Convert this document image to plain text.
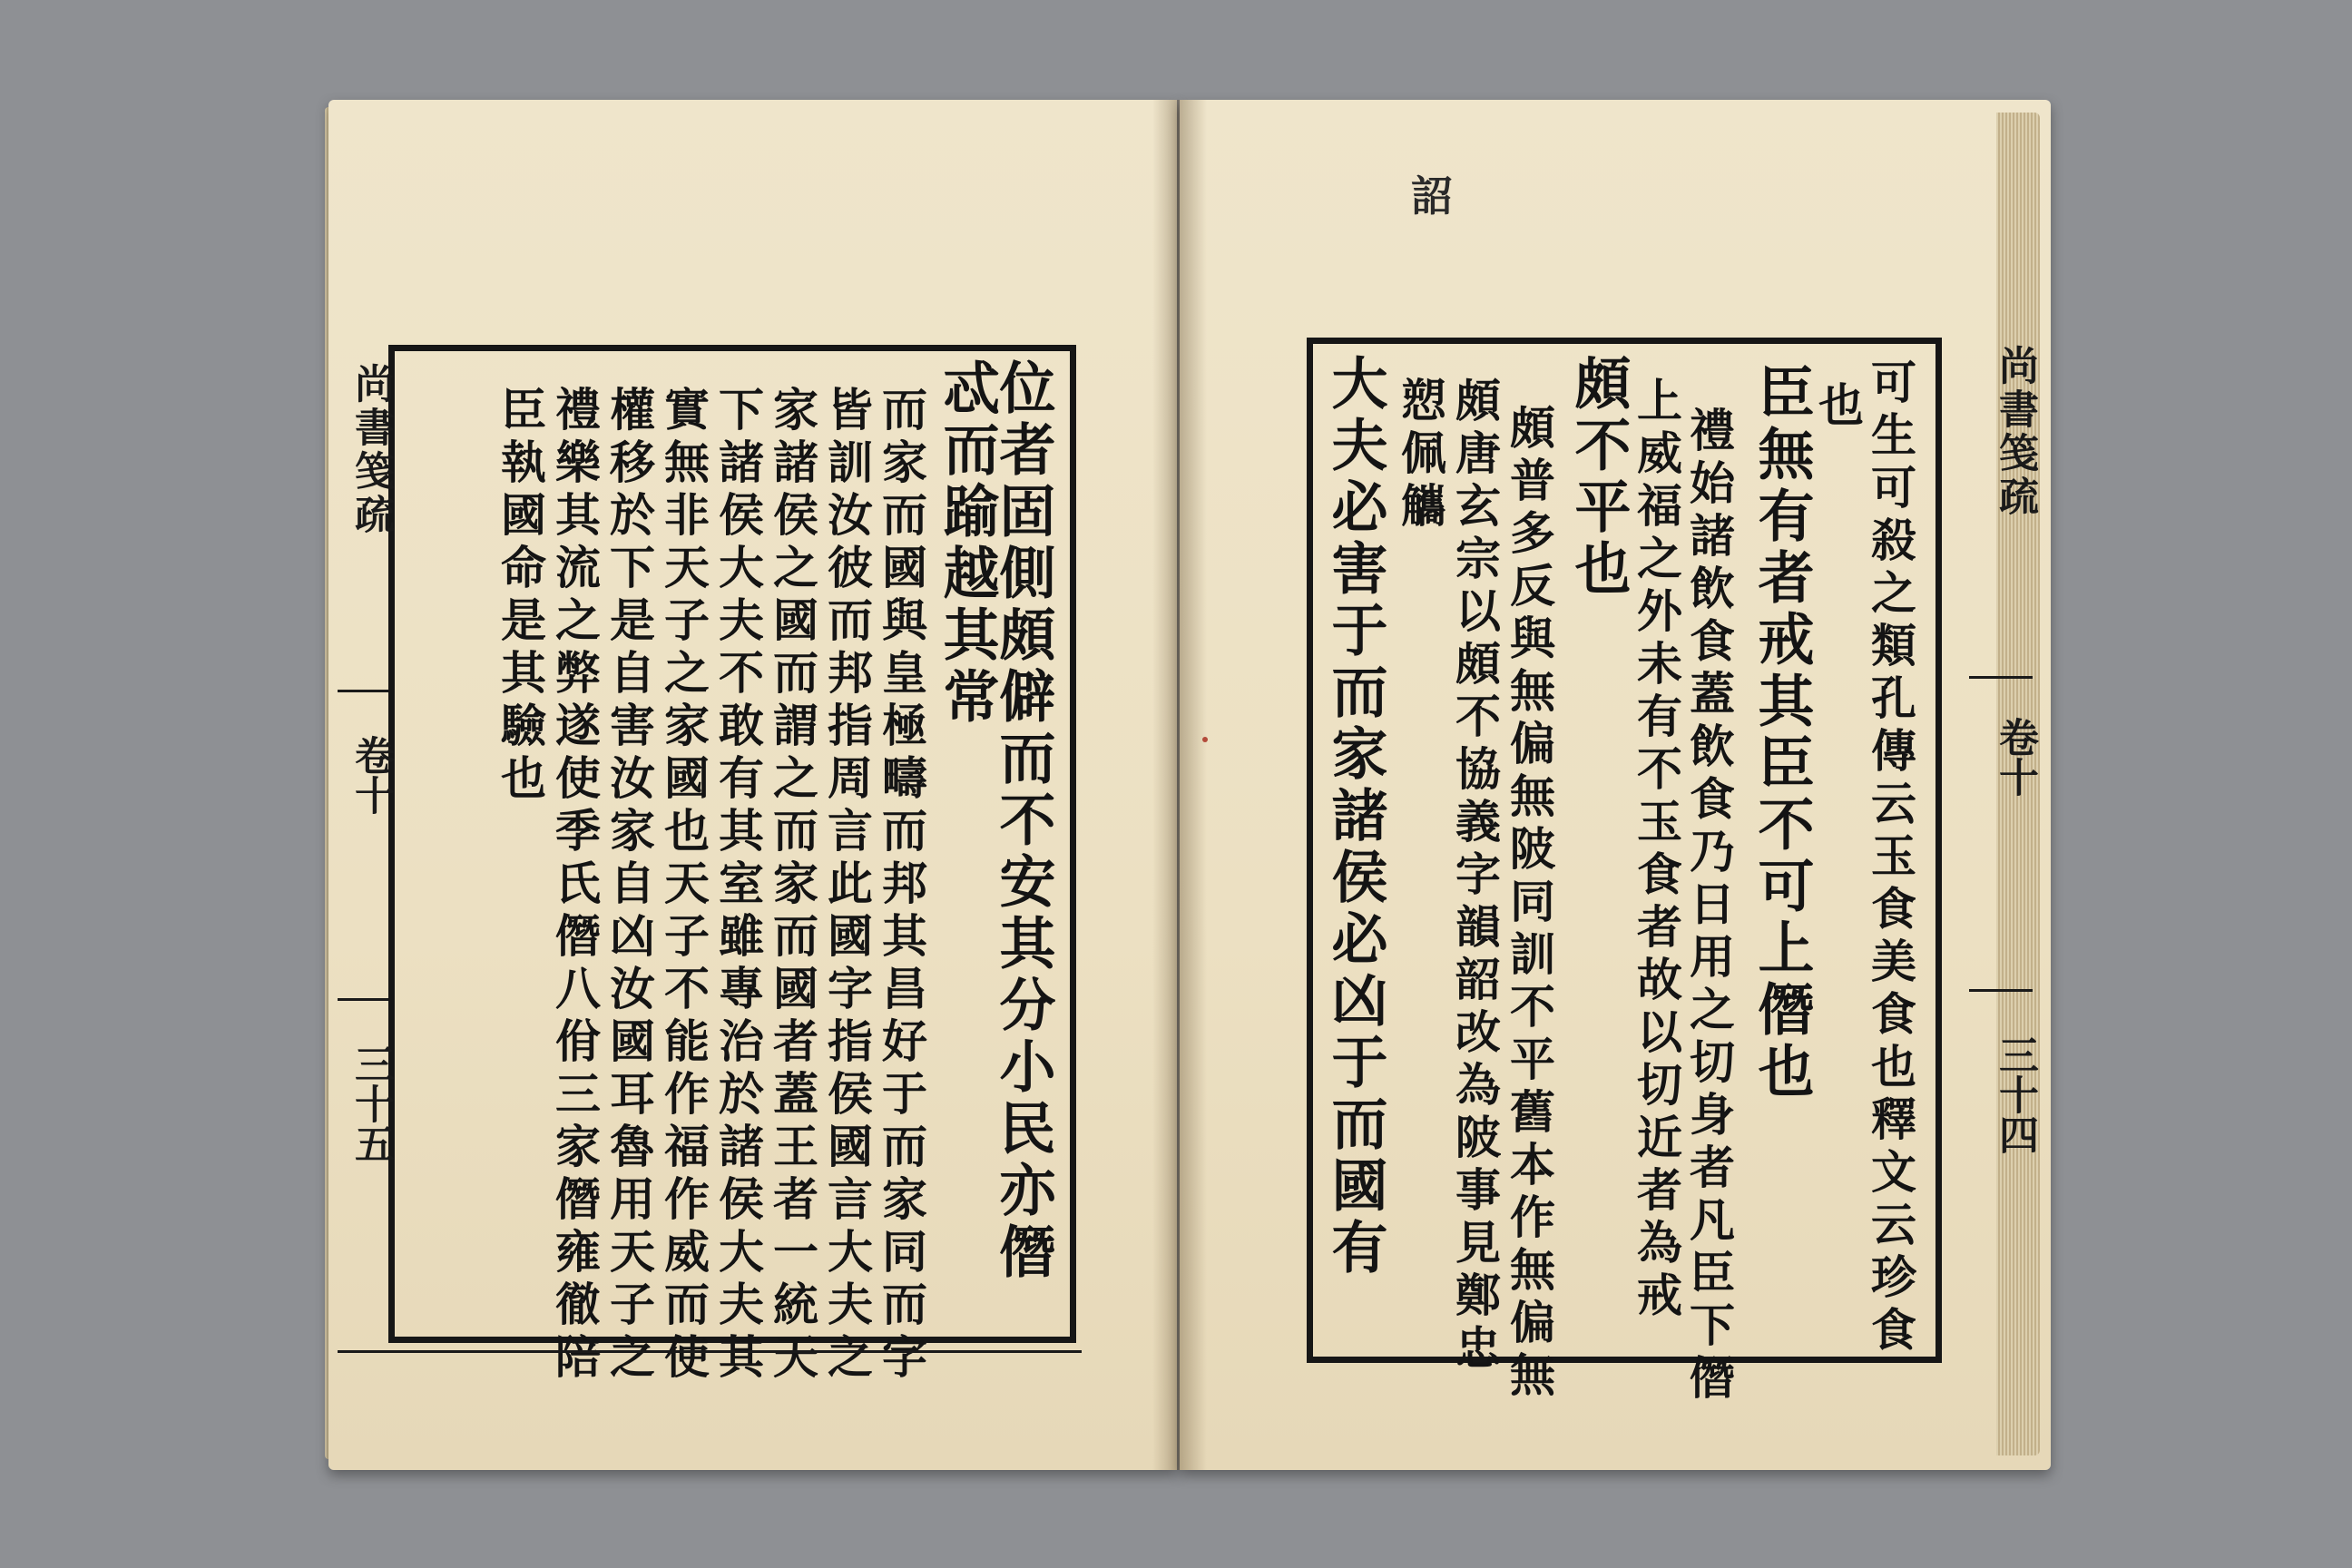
詔
可生可殺之類孔傳云玉食美食也釋文云珍食
也
臣無有者戒其臣不可上僭也
禮始諸飲食蓋飲食乃日用之切身者凡臣下僭
上威福之外未有不玉食者故以切近者為戒
頗不平也
頗普多反與無偏無陂同訓不平舊本作無偏無
頗唐玄宗以頗不協義字韻韶改為陂事見鄭忠
愬佩觿
大夫必害于而家諸侯必凶于而國有	尚書笺疏
卷十
三十四
位者固側頗僻而不安其分小民亦僭
忒而踰越其常
而家而國與皇極疇而邦其昌好于而家同而字
皆訓汝彼而邦指周言此國字指侯國言大夫之
家諸侯之國而謂之而家而國者蓋王者一統天
下諸侯大夫不敢有其室雖專治於諸侯大夫其
實無非天子之家國也天子不能作福作威而使
權移於下是自害汝家自凶汝國耳魯用天子之
禮樂其流之弊遂使季氏僭八佾三家僭雍徹陪
臣執國命是其驗也
尚書笺疏
卷十
三十五
